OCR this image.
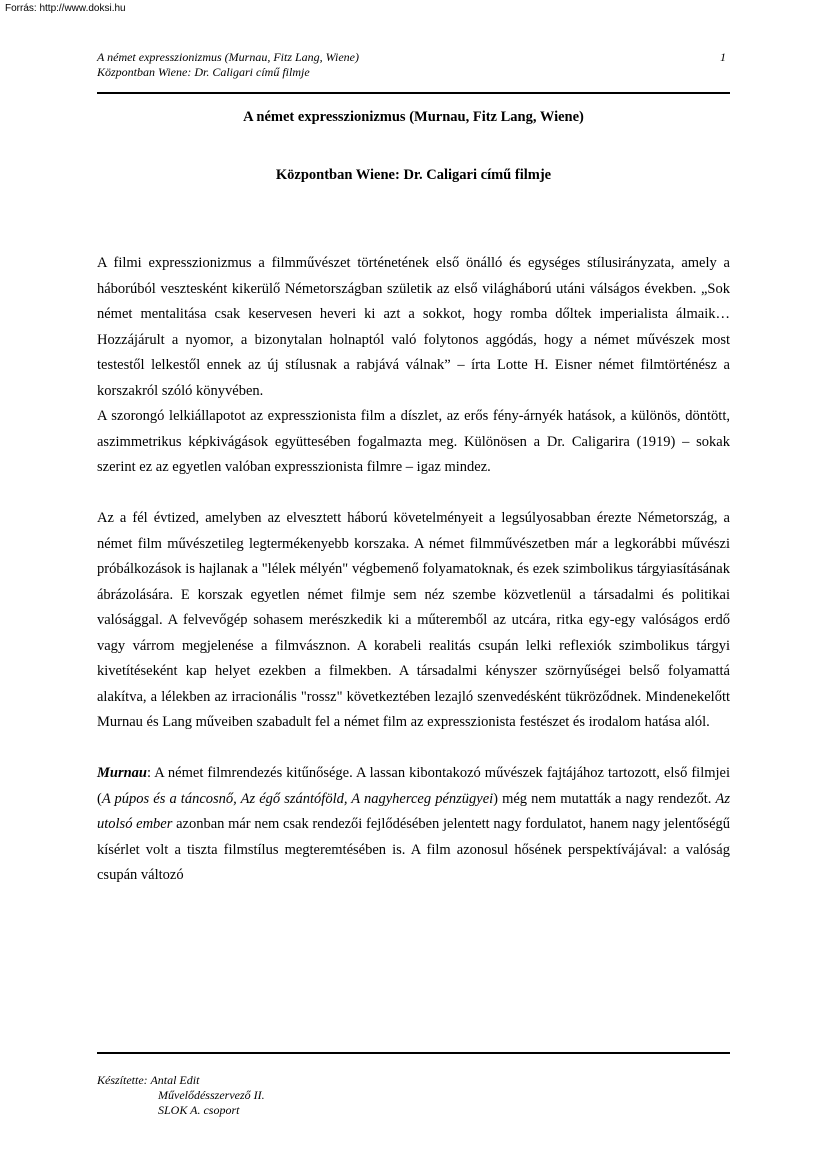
Forrás: http://www.doksi.hu
A német expresszionizmus (Murnau, Fitz Lang, Wiene)
Központban Wiene: Dr. Caligari című filmje
1
A német expresszionizmus (Murnau, Fitz Lang, Wiene)
Központban Wiene: Dr. Caligari című filmje

A filmi expresszionizmus a filmművészet történetének első önálló és egységes stílusirányzata, amely a háborúból vesztesként kikerülő Németországban születik az első világháború utáni válságos években. „Sok német mentalitása csak keservesen heveri ki azt a sokkot, hogy romba dőltek imperialista álmaik…Hozzájárult a nyomor, a bizonytalan holnaptól való folytonos aggódás, hogy a német művészek most testestől lelkestől ennek az új stílusnak a rabjává válnak” – írta Lotte H. Eisner német filmtörténész a korszakról szóló könyvében.

A szorongó lelkiállapotot az expresszionista film a díszlet, az erős fény-árnyék hatások, a különös, döntött, aszimmetrikus képkivágások együttesében fogalmazta meg. Különösen a Dr. Caligarira (1919) – sokak szerint ez az egyetlen valóban expresszionista filmre – igaz mindez.

Az a fél évtized, amelyben az elvesztett háború követelményeit a legsúlyosabban érezte Németország, a német film művészetileg legtermékenyebb korszaka. A német filmművészetben már a legkorábbi művészi próbálkozások is hajlanak a "lélek mélyén" végbemenő folyamatoknak, és ezek szimbolikus tárgyiasításának ábrázolására. E korszak egyetlen német filmje sem néz szembe közvetlenül a társadalmi és politikai valósággal. A felvevőgép sohasem merészkedik ki a műteremből az utcára, ritka egy-egy valóságos erdő vagy várrom megjelenése a filmvásznon. A korabeli realitás csupán lelki reflexiók szimbolikus tárgyi kivetítéseként kap helyet ezekben a filmekben. A társadalmi kényszer szörnyűségei belső folyamattá alakítva, a lélekben az irracionális "rossz" következtében lezajló szenvedésként tükröződnek. Mindenekelőtt Murnau és Lang műveiben szabadult fel a német film az expresszionista festészet és irodalom hatása alól.

Murnau: A német filmrendezés kitűnősége. A lassan kibontakozó művészek fajtájához tartozott, első filmjei (A púpos és a táncosnő, Az égő szántóföld, A nagyherceg pénzügyei) még nem mutatták a nagy rendezőt. Az utolsó ember azonban már nem csak rendezői fejlődésében jelentett nagy fordulatot, hanem nagy jelentőségű kísérlet volt a tiszta filmstílus megteremtésében is. A film azonosul hősének perspektívájával: a valóság csupán változó

Készítette: Antal Edit
Művelődésszervező II.
SLOK A. csoport
